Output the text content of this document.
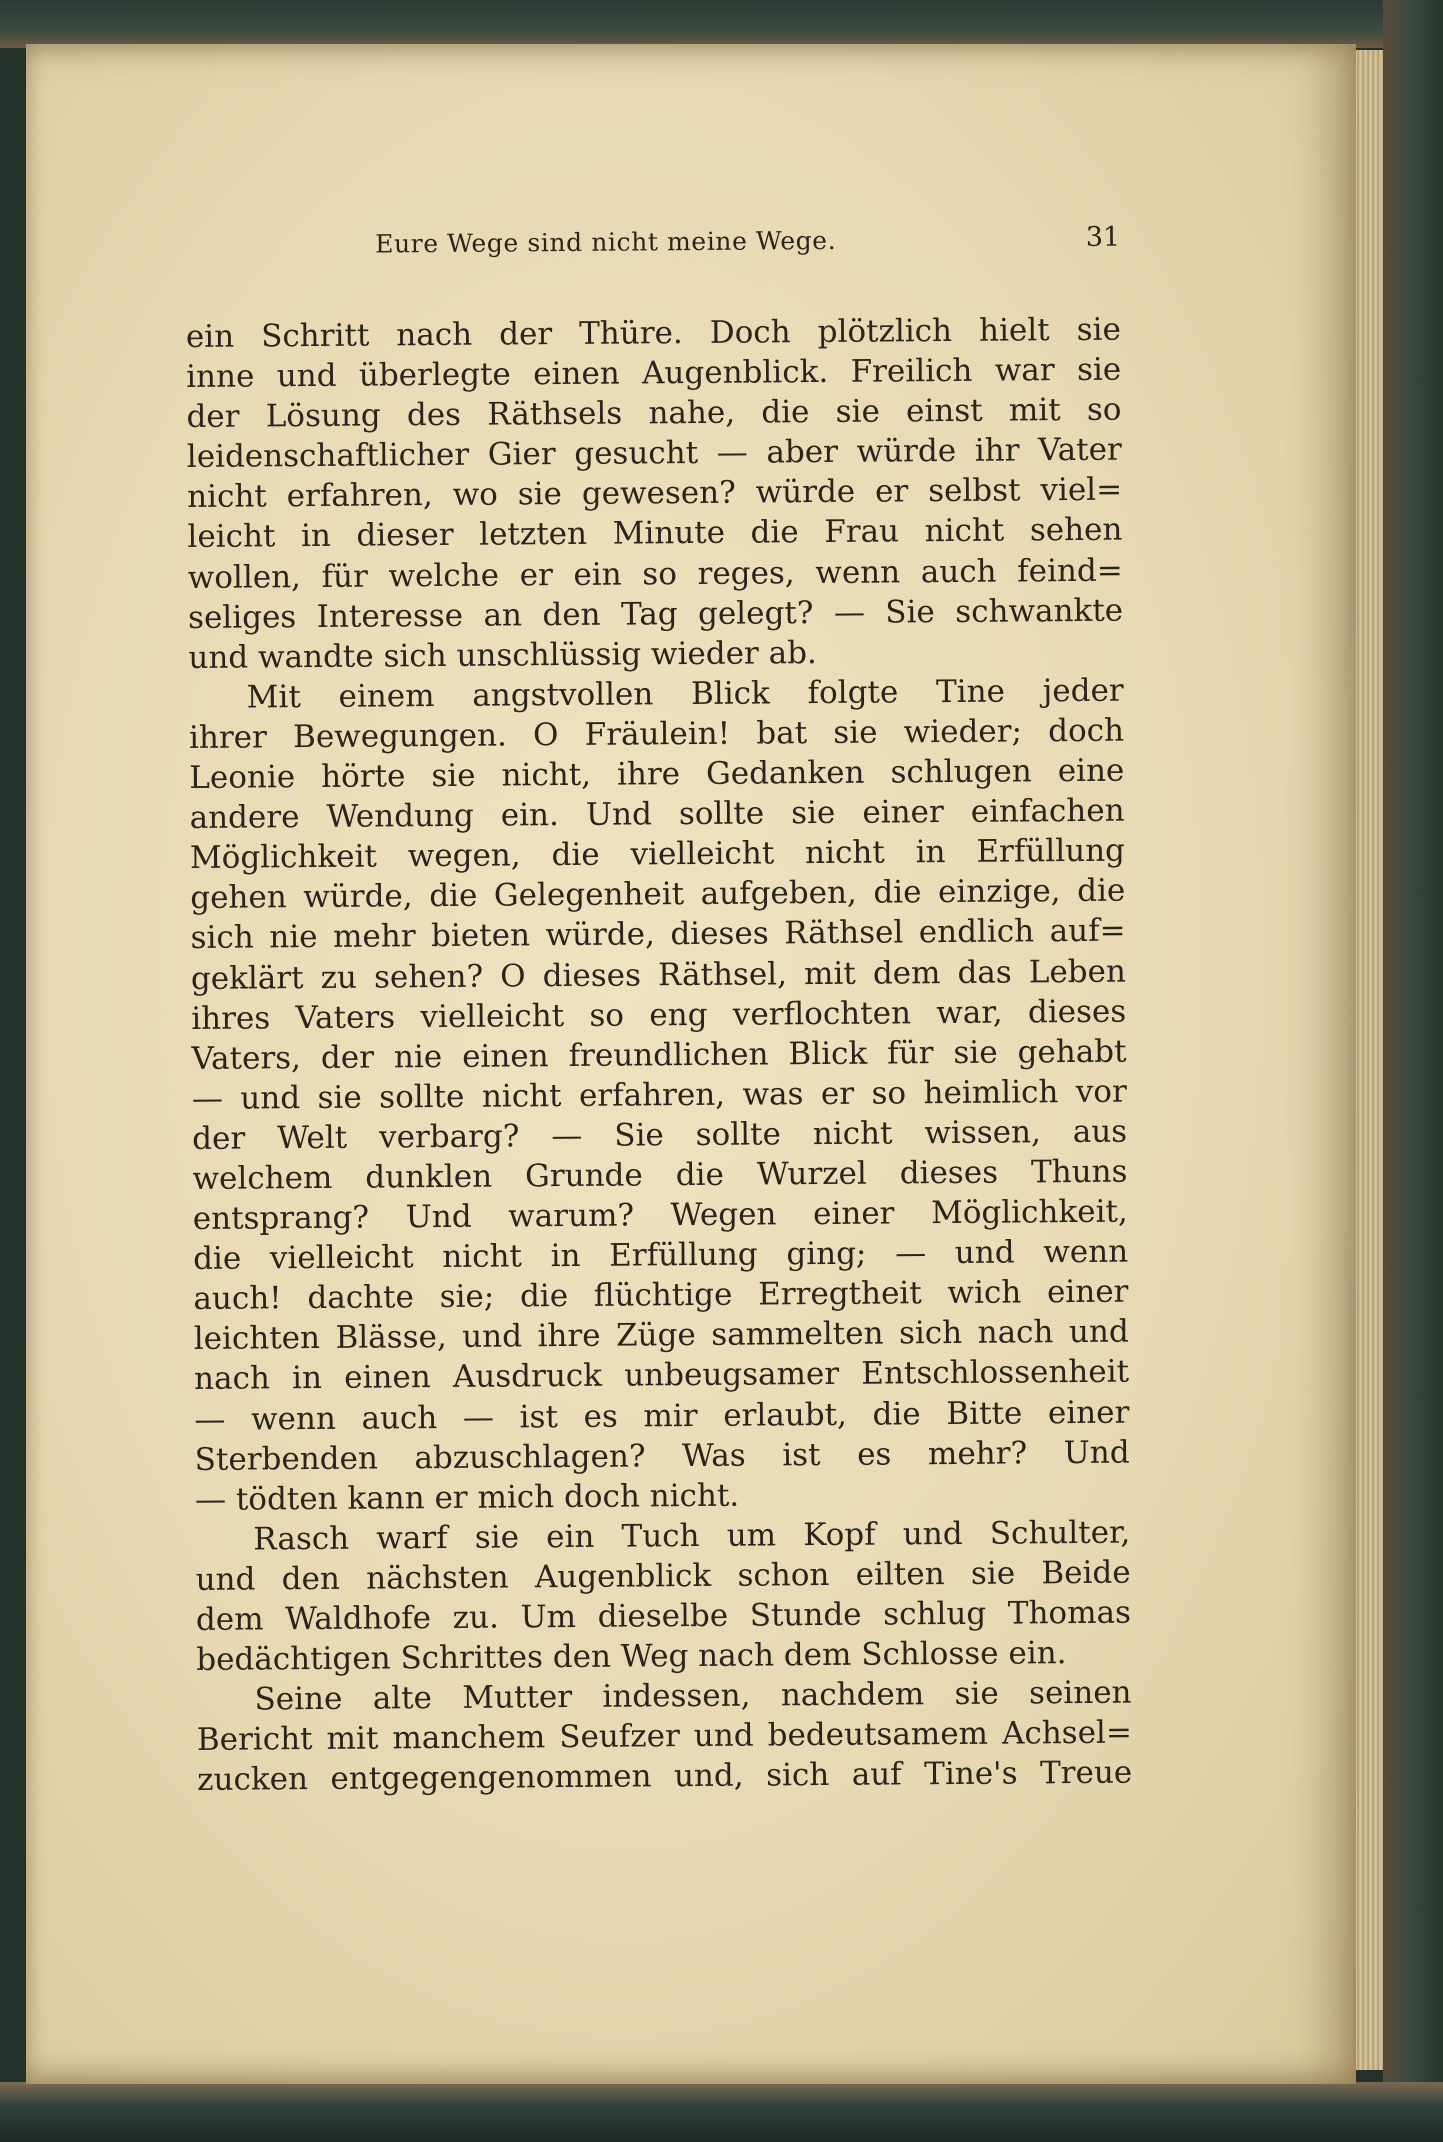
Eure Wege sind nicht meine Wege.	31
ein Schritt nach der Thüre. Doch plötzlich hielt sie
inne und überlegte einen Augenblick. Freilich war sie
der Lösung des Räthsels nahe, die sie einst mit so
leidenschaftlicher Gier gesucht — aber würde ihr Vater
nicht erfahren, wo sie gewesen? würde er selbst viel=
leicht in dieser letzten Minute die Frau nicht sehen
wollen, für welche er ein so reges, wenn auch feind=
seliges Interesse an den Tag gelegt? — Sie schwankte
und wandte sich unschlüssig wieder ab.
Mit einem angstvollen Blick folgte Tine jeder
ihrer Bewegungen. O Fräulein! bat sie wieder; doch
Leonie hörte sie nicht, ihre Gedanken schlugen eine
andere Wendung ein. Und sollte sie einer einfachen
Möglichkeit wegen, die vielleicht nicht in Erfüllung
gehen würde, die Gelegenheit aufgeben, die einzige, die
sich nie mehr bieten würde, dieses Räthsel endlich auf=
geklärt zu sehen? O dieses Räthsel, mit dem das Leben
ihres Vaters vielleicht so eng verflochten war, dieses
Vaters, der nie einen freundlichen Blick für sie gehabt
— und sie sollte nicht erfahren, was er so heimlich vor
der Welt verbarg? — Sie sollte nicht wissen, aus
welchem dunklen Grunde die Wurzel dieses Thuns
entsprang? Und warum? Wegen einer Möglichkeit,
die vielleicht nicht in Erfüllung ging; — und wenn
auch! dachte sie; die flüchtige Erregtheit wich einer
leichten Blässe, und ihre Züge sammelten sich nach und
nach in einen Ausdruck unbeugsamer Entschlossenheit
— wenn auch — ist es mir erlaubt, die Bitte einer
Sterbenden abzuschlagen? Was ist es mehr? Und
— tödten kann er mich doch nicht.
Rasch warf sie ein Tuch um Kopf und Schulter,
und den nächsten Augenblick schon eilten sie Beide
dem Waldhofe zu. Um dieselbe Stunde schlug Thomas
bedächtigen Schrittes den Weg nach dem Schlosse ein.
Seine alte Mutter indessen, nachdem sie seinen
Bericht mit manchem Seufzer und bedeutsamem Achsel=
zucken entgegengenommen und, sich auf Tine's Treue
